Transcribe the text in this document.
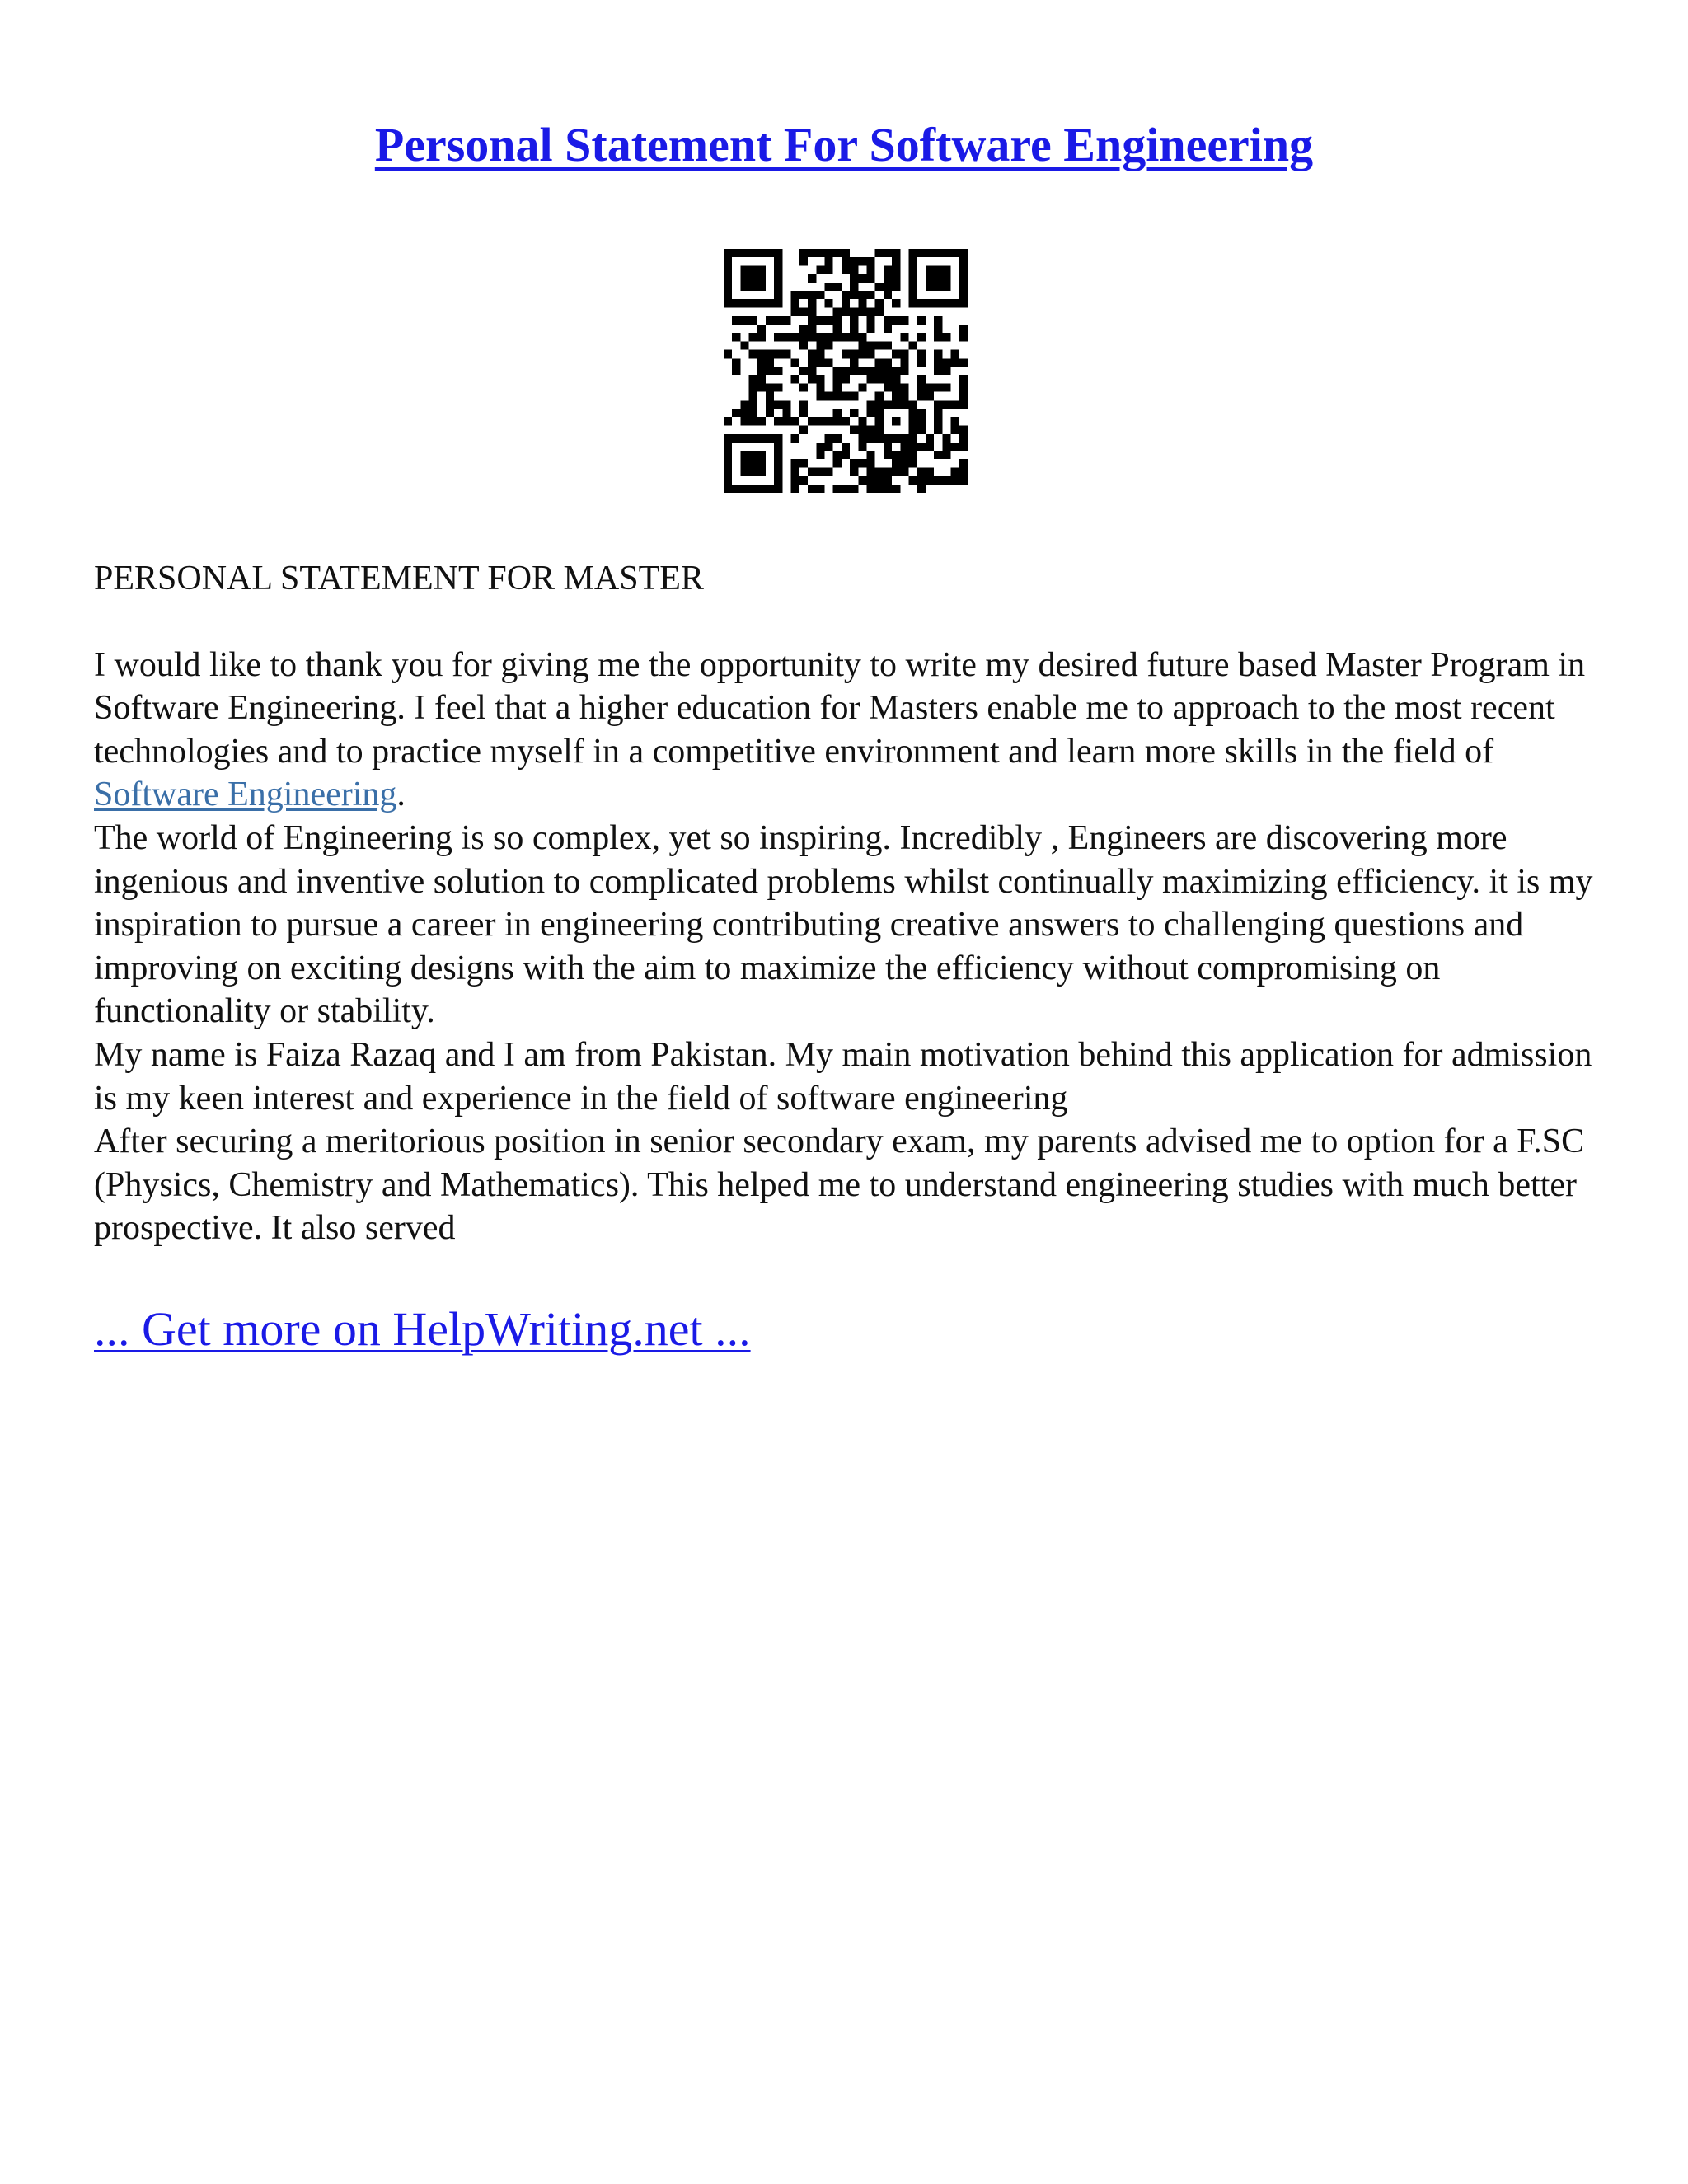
Personal Statement For Software Engineering

PERSONAL STATEMENT FOR MASTER

I would like to thank you for giving me the opportunity to write my desired future based Master Program in Software Engineering. I feel that a higher education for Masters enable me to approach to the most recent technologies and to practice myself in a competitive environment and learn more skills in the field of Software Engineering.

The world of Engineering is so complex, yet so inspiring. Incredibly , Engineers are discovering more ingenious and inventive solution to complicated problems whilst continually maximizing efficiency. it is my inspiration to pursue a career in engineering contributing creative answers to challenging questions and improving on exciting designs with the aim to maximize the efficiency without compromising on functionality or stability.

My name is Faiza Razaq and I am from Pakistan. My main motivation behind this application for admission is my keen interest and experience in the field of software engineering

After securing a meritorious position in senior secondary exam, my parents advised me to option for a F.SC (Physics, Chemistry and Mathematics). This helped me to understand engineering studies with much better prospective. It also served

... Get more on HelpWriting.net ...
